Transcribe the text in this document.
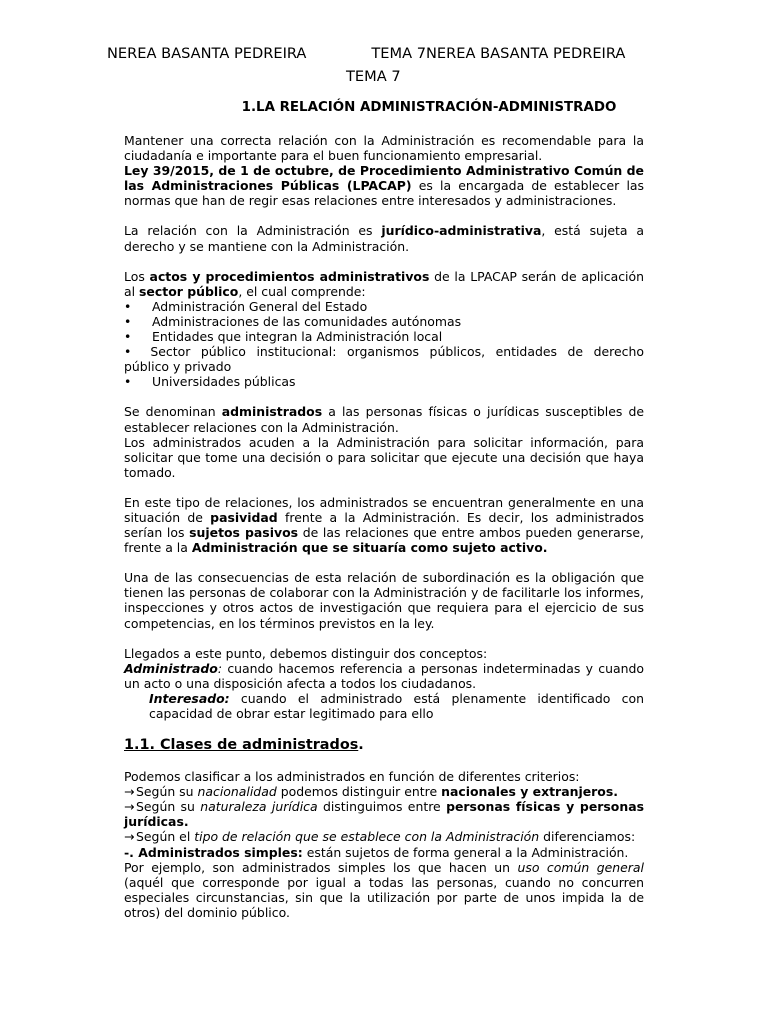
NEREA BASANTA PEDREIRA              TEMA 7NEREA BASANTA PEDREIRA
TEMA 7
1.LA RELACIÓN ADMINISTRACIÓN-ADMINISTRADO

Mantener una correcta relación con la Administración es recomendable para la ciudadanía e importante para el buen funcionamiento empresarial.

Ley 39/2015, de 1 de octubre, de Procedimiento Administrativo Común de las Administraciones Públicas (LPACAP) es la encargada de establecer las normas que han de regir esas relaciones entre interesados y administraciones.

La relación con la Administración es jurídico-administrativa, está sujeta a derecho y se mantiene con la Administración.

Los actos y procedimientos administrativos de la LPACAP serán de aplicación al sector público, el cual comprende:

• Administración General del Estado
• Administraciones de las comunidades autónomas
• Entidades que integran la Administración local
• Sector público institucional: organismos públicos, entidades de derecho público y privado
• Universidades públicas

Se denominan administrados a las personas físicas o jurídicas susceptibles de establecer relaciones con la Administración.

Los administrados acuden a la Administración para solicitar información, para solicitar que tome una decisión o para solicitar que ejecute una decisión que haya tomado.

En este tipo de relaciones, los administrados se encuentran generalmente en una situación de pasividad frente a la Administración. Es decir, los administrados serían los sujetos pasivos de las relaciones que entre ambos pueden generarse, frente a la Administración que se situaría como sujeto activo.

Una de las consecuencias de esta relación de subordinación es la obligación que tienen las personas de colaborar con la Administración y de facilitarle los informes, inspecciones y otros actos de investigación que requiera para el ejercicio de sus competencias, en los términos previstos en la ley.

Llegados a este punto, debemos distinguir dos conceptos:

Administrado: cuando hacemos referencia a personas indeterminadas y cuando un acto o una disposición afecta a todos los ciudadanos.

Interesado: cuando el administrado está plenamente identificado con capacidad de obrar estar legitimado para ello

1.1. Clases de administrados.

Podemos clasificar a los administrados en función de diferentes criterios:

→ Según su nacionalidad podemos distinguir entre nacionales y extranjeros.

→ Según su naturaleza jurídica distinguimos entre personas físicas y personas jurídicas.

→ Según el tipo de relación que se establece con la Administración diferenciamos:

-. Administrados simples: están sujetos de forma general a la Administración.

Por ejemplo, son administrados simples los que hacen un uso común general (aquél que corresponde por igual a todas las personas, cuando no concurren especiales circunstancias, sin que la utilización por parte de unos impida la de otros) del dominio público.
